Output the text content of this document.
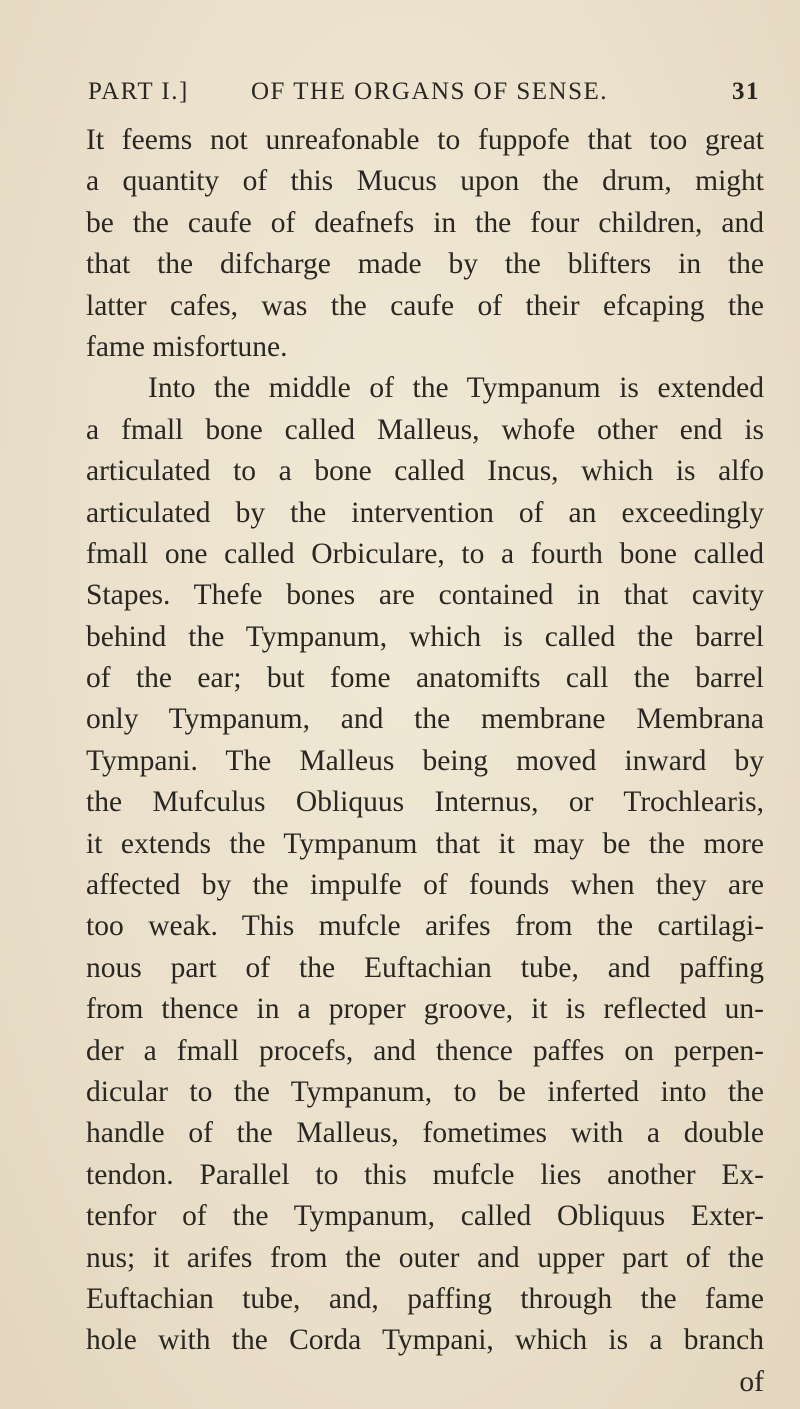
PART I.] OF THE ORGANS OF SENSE.	31
It feems not unreafonable to fuppofe that too great
a quantity of this Mucus upon the drum, might
be the caufe of deafnefs in the four children, and
that the difcharge made by the blifters in the
latter cafes, was the caufe of their efcaping the
fame misfortune.
Into the middle of the Tympanum is extended
a fmall bone called Malleus, whofe other end is
articulated to a bone called Incus, which is alfo
articulated by the intervention of an exceedingly
fmall one called Orbiculare, to a fourth bone called
Stapes. Thefe bones are contained in that cavity
behind the Tympanum, which is called the barrel
of the ear; but fome anatomifts call the barrel
only Tympanum, and the membrane Membrana
Tympani. The Malleus being moved inward by
the Mufculus Obliquus Internus, or Trochlearis,
it extends the Tympanum that it may be the more
affected by the impulfe of founds when they are
too weak. This mufcle arifes from the cartilagi-
nous part of the Euftachian tube, and paffing
from thence in a proper groove, it is reflected un-
der a fmall procefs, and thence paffes on perpen-
dicular to the Tympanum, to be inferted into the
handle of the Malleus, fometimes with a double
tendon. Parallel to this mufcle lies another Ex-
tenfor of the Tympanum, called Obliquus Exter-
nus; it arifes from the outer and upper part of the
Euftachian tube, and, paffing through the fame
hole with the Corda Tympani, which is a branch
of
